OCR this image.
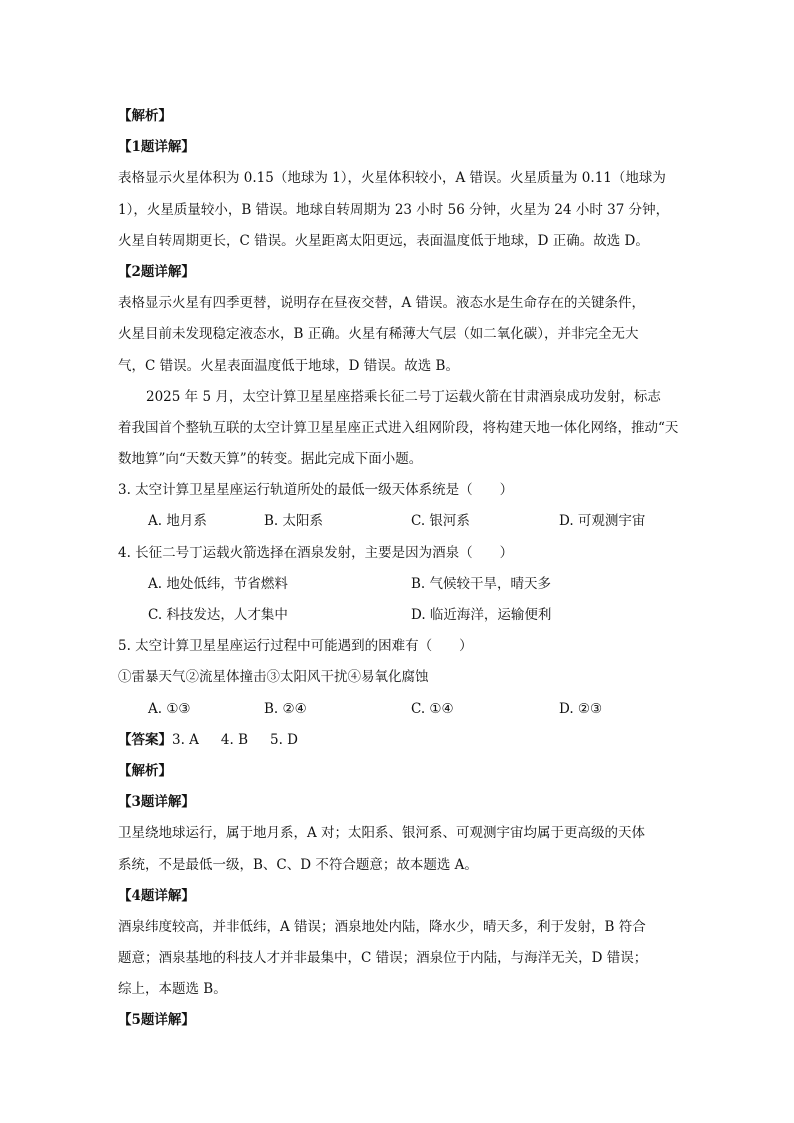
【解析】
【1题详解】
表格显示火星体积为 0.15（地球为 1），火星体积较小，A 错误。火星质量为 0.11（地球为
1），火星质量较小，B 错误。地球自转周期为 23 小时 56 分钟，火星为 24 小时 37 分钟，
火星自转周期更长，C 错误。火星距离太阳更远，表面温度低于地球，D 正确。故选 D。
【2题详解】
表格显示火星有四季更替，说明存在昼夜交替，A 错误。液态水是生命存在的关键条件，
火星目前未发现稳定液态水，B 正确。火星有稀薄大气层（如二氧化碳），并非完全无大
气，C 错误。火星表面温度低于地球，D 错误。故选 B。
2025 年 5 月，太空计算卫星星座搭乘长征二号丁运载火箭在甘肃酒泉成功发射，标志
着我国首个整轨互联的太空计算卫星星座正式进入组网阶段，将构建天地一体化网络，推动“天
数地算”向“天数天算”的转变。据此完成下面小题。
3. 太空计算卫星星座运行轨道所处的最低一级天体系统是（　　）
A. 地月系	B. 太阳系	C. 银河系	D. 可观测宇宙
4. 长征二号丁运载火箭选择在酒泉发射，主要是因为酒泉（　　）
A. 地处低纬，节省燃料	B. 气候较干旱，晴天多
C. 科技发达，人才集中	D. 临近海洋，运输便利
5. 太空计算卫星星座运行过程中可能遇到的困难有（　　）
①雷暴天气②流星体撞击③太阳风干扰④易氧化腐蚀
A. ①③	B. ②④	C. ①④	D. ②③
【答案】3. A 4. B 5. D
【解析】
【3题详解】
卫星绕地球运行，属于地月系，A 对；太阳系、银河系、可观测宇宙均属于更高级的天体
系统，不是最低一级，B、C、D 不符合题意；故本题选 A。
【4题详解】
酒泉纬度较高，并非低纬，A 错误；酒泉地处内陆，降水少，晴天多，利于发射，B 符合
题意；酒泉基地的科技人才并非最集中，C 错误；酒泉位于内陆，与海洋无关，D 错误；
综上，本题选 B。
【5题详解】
